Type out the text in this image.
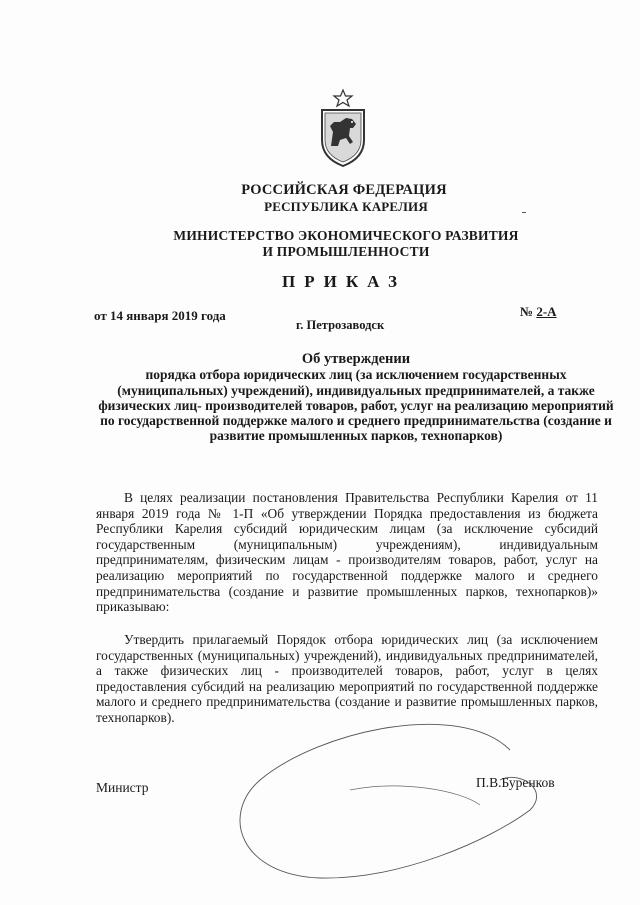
РОССИЙСКАЯ ФЕДЕРАЦИЯ
РЕСПУБЛИКА КАРЕЛИЯ
МИНИСТЕРСТВО ЭКОНОМИЧЕСКОГО РАЗВИТИЯ
И ПРОМЫШЛЕННОСТИ
ПРИКАЗ
от 14 января 2019 года	№ 2-А
г. Петрозаводск
Об утверждении
порядка отбора юридических лиц (за исключением государственных (муниципальных) учреждений), индивидуальных предпринимателей, а также физических лиц- производителей товаров, работ, услуг на реализацию мероприятий по государственной поддержке малого и среднего предпринимательства (создание и развитие промышленных парков, технопарков)
В целях реализации постановления Правительства Республики Карелия от 11 января 2019 года № 1-П «Об утверждении Порядка предоставления из бюджета Республики Карелия субсидий юридическим лицам (за исключение субсидий государственным (муниципальным) учреждениям), индивидуальным предпринимателям, физическим лицам - производителям товаров, работ, услуг на реализацию мероприятий по государственной поддержке малого и среднего предпринимательства (создание и развитие промышленных парков, технопарков)» приказываю:
Утвердить прилагаемый Порядок отбора юридических лиц (за исключением государственных (муниципальных) учреждений), индивидуальных предпринимателей, а также физических лиц - производителей товаров, работ, услуг в целях предоставления субсидий на реализацию мероприятий по государственной поддержке малого и среднего предпринимательства (создание и развитие промышленных парков, технопарков).
Министр	П.В.Буренков
